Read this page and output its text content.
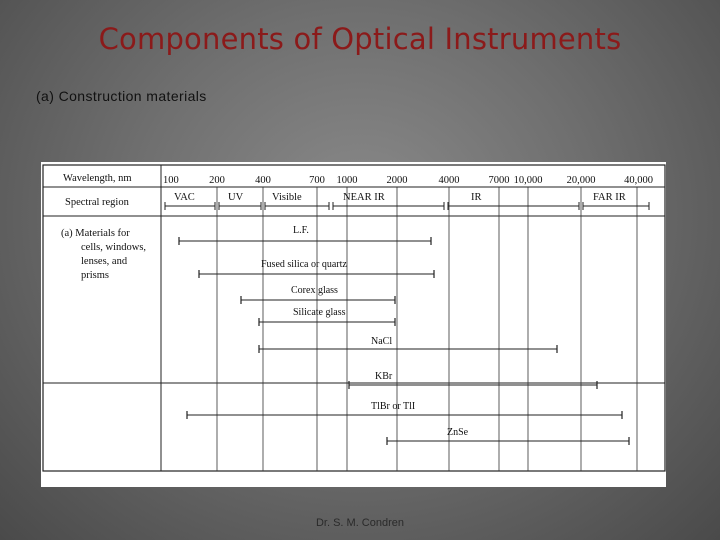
Components of Optical Instruments
(a) Construction materials
Wavelength, nm	100	200	400	700 1000	2000	4000	7000 10,000 20,000	40,000
Spectral region	VAC	UV	Visible	NEAR IR	IR	FAR IR
(a) Materials for
cells, windows,
lenses, and
prisms
L.F.
Fused silica or quartz
Corex glass
Silicate glass
NaCl
KBr
TlBr or TlI
ZnSe
Dr. S. M. Condren
